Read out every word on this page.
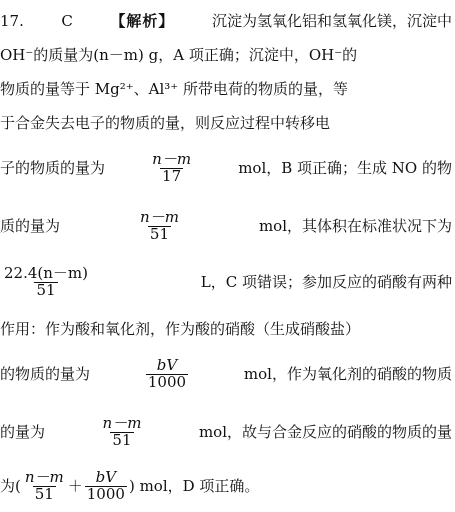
17.	C	【解析】	沉淀为氢氧化铝和氢氧化镁，沉淀中
OH⁻的质量为(n－m) g，A 项正确；沉淀中，OH⁻的
物质的量等于 Mg²⁺、Al³⁺ 所带电荷的物质的量，等
于合金失去电子的物质的量，则反应过程中转移电
子的物质的量为	$\frac{n-m}{17}$	mol，B 项正确；生成 NO 的物
质的量为	$\frac{n-m}{51}$	mol，其体积在标准状况下为
$\frac{22.4(n-m)}{51}$	L，C 项错误；参加反应的硝酸有两种
作用：作为酸和氧化剂，作为酸的硝酸（生成硝酸盐）
的物质的量为	$\frac{bV}{1000}$	mol，作为氧化剂的硝酸的物质
的量为	$\frac{n-m}{51}$	mol，故与合金反应的硝酸的物质的量
为( $\frac{n-m}{51} + \frac{bV}{1000}$ ) mol，D 项正确。
